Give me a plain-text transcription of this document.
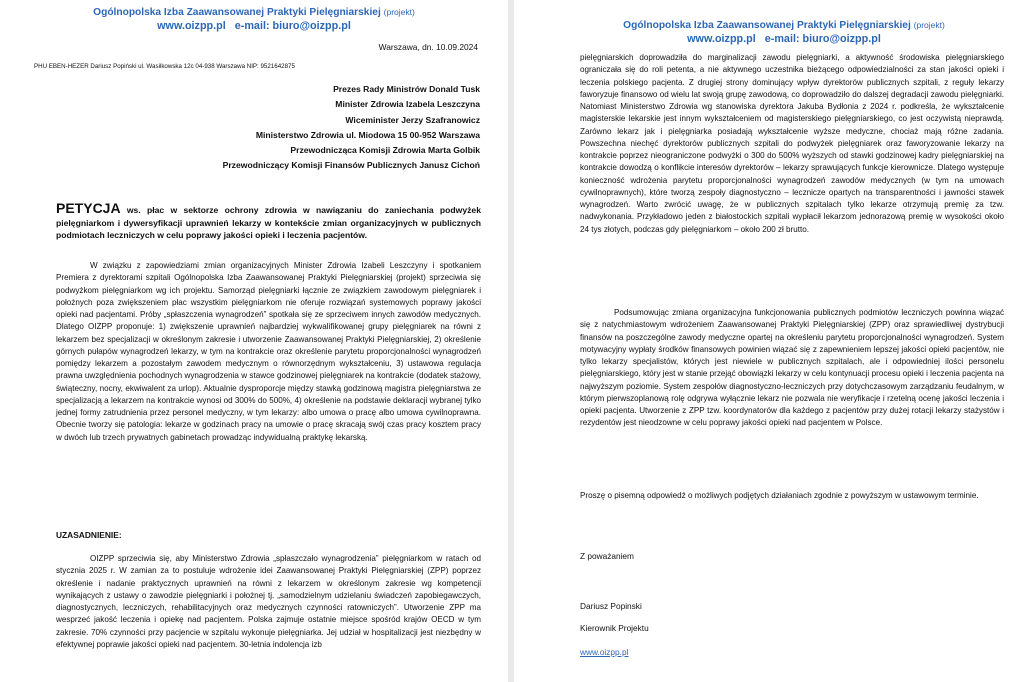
Ogólnopolska Izba Zaawansowanej Praktyki Pielęgniarskiej (projekt)
www.oizpp.pl e-mail: biuro@oizpp.pl
Warszawa, dn. 10.09.2024
PHU EBEN-HEZER Dariusz Popiński ul. Wasilkowska 12c 04-938 Warszawa NIP: 9521642875
Prezes Rady Ministrów Donald Tusk
Minister Zdrowia Izabela Leszczyna
Wiceminister Jerzy Szafranowicz
Ministerstwo Zdrowia ul. Miodowa 15 00-952 Warszawa
Przewodnicząca Komisji Zdrowia Marta Golbik
Przewodniczący Komisji Finansów Publicznych Janusz Cichoń
PETYCJA ws. płac w sektorze ochrony zdrowia w nawiązaniu do zaniechania podwyżek pielęgniarkom i dywersyfikacji uprawnień lekarzy w kontekście zmian organizacyjnych w publicznych podmiotach leczniczych w celu poprawy jakości opieki i leczenia pacjentów.
W związku z zapowiedziami zmian organizacyjnych Minister Zdrowia Izabeli Leszczyny i spotkaniem Premiera z dyrektorami szpitali Ogólnopolska Izba Zaawansowanej Praktyki Pielęgniarskiej (projekt) sprzeciwia się podwyżkom pielęgniarkom wg ich projektu. Samorząd pielęgniarki łącznie ze związkiem zawodowym pielęgniarek i położnych poza zwiększeniem płac wszystkim pielęgniarkom nie oferuje rozwiązań systemowych poprawy jakości opieki nad pacjentami. Próby „spłaszczenia wynagrodzeń” spotkała się ze sprzeciwem innych zawodów medycznych. Dlatego OIZPP proponuje: 1) zwiększenie uprawnień najbardziej wykwalifikowanej grupy pielęgniarek na równi z lekarzem bez specjalizacji w określonym zakresie i utworzenie Zaawansowanej Praktyki Pielęgniarskiej, 2) określenie górnych pułapów wynagrodzeń lekarzy, w tym na kontrakcie oraz określenie parytetu proporcjonalności wynagrodzeń pomiędzy lekarzem a pozostałym zawodem medycznym o równorzędnym wykształceniu, 3) ustawowa regulacja prawna uwzględnienia pochodnych wynagrodzenia w stawce godzinowej pielęgniarek na kontrakcie (dodatek stażowy, świąteczny, nocny, ekwiwalent za urlop). Aktualnie dysproporcje między stawką godzinową magistra pielęgniarstwa ze specjalizacją a lekarzem na kontrakcie wynosi od 300% do 500%, 4) określenie na podstawie deklaracji wybranej tylko jednej formy zatrudnienia przez personel medyczny, w tym lekarzy: albo umowa o pracę albo umowa cywilnoprawna. Obecnie tworzy się patologia: lekarze w godzinach pracy na umowie o pracę skracają swój czas pracy kosztem pracy w dwóch lub trzech prywatnych gabinetach prowadząc indywidualną praktykę lekarską.
UZASADNIENIE:
OIZPP sprzeciwia się, aby Ministerstwo Zdrowia „spłaszczało wynagrodzenia” pielęgniarkom w ratach od stycznia 2025 r. W zamian za to postuluje wdrożenie idei Zaawansowanej Praktyki Pielęgniarskiej (ZPP) poprzez określenie i nadanie praktycznych uprawnień na równi z lekarzem w określonym zakresie wg kompetencji wynikających z ustawy o zawodzie pielęgniarki i położnej tj. „samodzielnym udzielaniu świadczeń zapobiegawczych, diagnostycznych, leczniczych, rehabilitacyjnych oraz medycznych czynności ratowniczych”. Utworzenie ZPP ma wesprzeć jakość leczenia i opiekę nad pacjentem. Polska zajmuje ostatnie miejsce spośród krajów OECD w tym zakresie. 70% czynności przy pacjencie w szpitalu wykonuje pielęgniarka. Jej udział w hospitalizacji jest niezbędny w efektywnej poprawie jakości opieki nad pacjentem. 30-letnia indolencja izb
Ogólnopolska Izba Zaawansowanej Praktyki Pielęgniarskiej (projekt)
www.oizpp.pl e-mail: biuro@oizpp.pl
pielęgniarskich doprowadziła do marginalizacji zawodu pielęgniarki, a aktywność środowiska pielęgniarskiego ograniczała się do roli petenta, a nie aktywnego uczestnika bieżącego odpowiedzialności za stan jakości opieki i leczenia polskiego pacjenta. Z drugiej strony dominujący wpływ dyrektorów publicznych szpitali, z reguły lekarzy faworyzuje finansowo od wielu lat swoją grupę zawodową, co doprowadziło do dalszej degradacji zawodu pielęgniarki. Natomiast Ministerstwo Zdrowia wg stanowiska dyrektora Jakuba Bydłonia z 2024 r. podkreśla, że wykształcenie magisterskie lekarskie jest innym wykształceniem od magisterskiego pielęgniarskiego, co jest oczywistą nieprawdą. Zarówno lekarz jak i pielęgniarka posiadają wykształcenie wyższe medyczne, chociaż mają różne zadania. Powszechna niechęć dyrektorów publicznych szpitali do podwyżek pielęgniarek oraz faworyzowanie lekarzy na kontrakcie poprzez nieograniczone podwyżki o 300 do 500% wyższych od stawki godzinowej kadry pielęgniarskiej na kontrakcie dowodzą o konflikcie interesów dyrektorów – lekarzy sprawujących funkcje kierownicze. Dlatego występuje konieczność wdrożenia parytetu proporcjonalności wynagrodzeń zawodów medycznych (w tym na umowach cywilnoprawnych), które tworzą zespoły diagnostyczno – lecznicze opartych na transparentności i jawności stawek wynagrodzeń. Warto zwrócić uwagę, że w publicznych szpitalach tylko lekarze otrzymują premię za tzw. nadwykonania. Przykładowo jeden z białostockich szpitali wypłacił lekarzom jednorazową premię w wysokości około 24 tys złotych, podczas gdy pielęgniarkom – około 200 zł brutto.
Podsumowując zmiana organizacyjna funkcjonowania publicznych podmiotów leczniczych powinna wiązać się z natychmiastowym wdrożeniem Zaawansowanej Praktyki Pielęgniarskiej (ZPP) oraz sprawiedliwej dystrybucji finansów na poszczególne zawody medyczne opartej na określeniu parytetu proporcjonalności wynagrodzeń. System motywacyjny wypłaty środków finansowych powinien wiązać się z zapewnieniem lepszej jakości opieki pacjentów, nie tylko lekarzy specjalistów, których jest niewiele w publicznych szpitalach, ale i odpowiedniej ilości personelu pielęgniarskiego, który jest w stanie przejąć obowiązki lekarzy w celu kontynuacji procesu opieki i leczenia pacjenta na najwyższym poziomie. System zespołów diagnostyczno-leczniczych przy dotychczasowym zarządzaniu feudalnym, w którym pierwszoplanową rolę odgrywa wyłącznie lekarz nie pozwala nie weryfikacje i rzetelną ocenę jakości leczenia i opieki pacjenta. Utworzenie z ZPP tzw. koordynatorów dla każdego z pacjentów przy dużej rotacji lekarzy stażystów i rezydentów jest nieodzowne w celu poprawy jakości opieki nad pacjentem w Polsce.
Proszę o pisemną odpowiedź o możliwych podjętych działaniach zgodnie z powyższym w ustawowym terminie.
Z poważaniem
Dariusz Popinski
Kierownik Projektu
www.oizpp.pl
